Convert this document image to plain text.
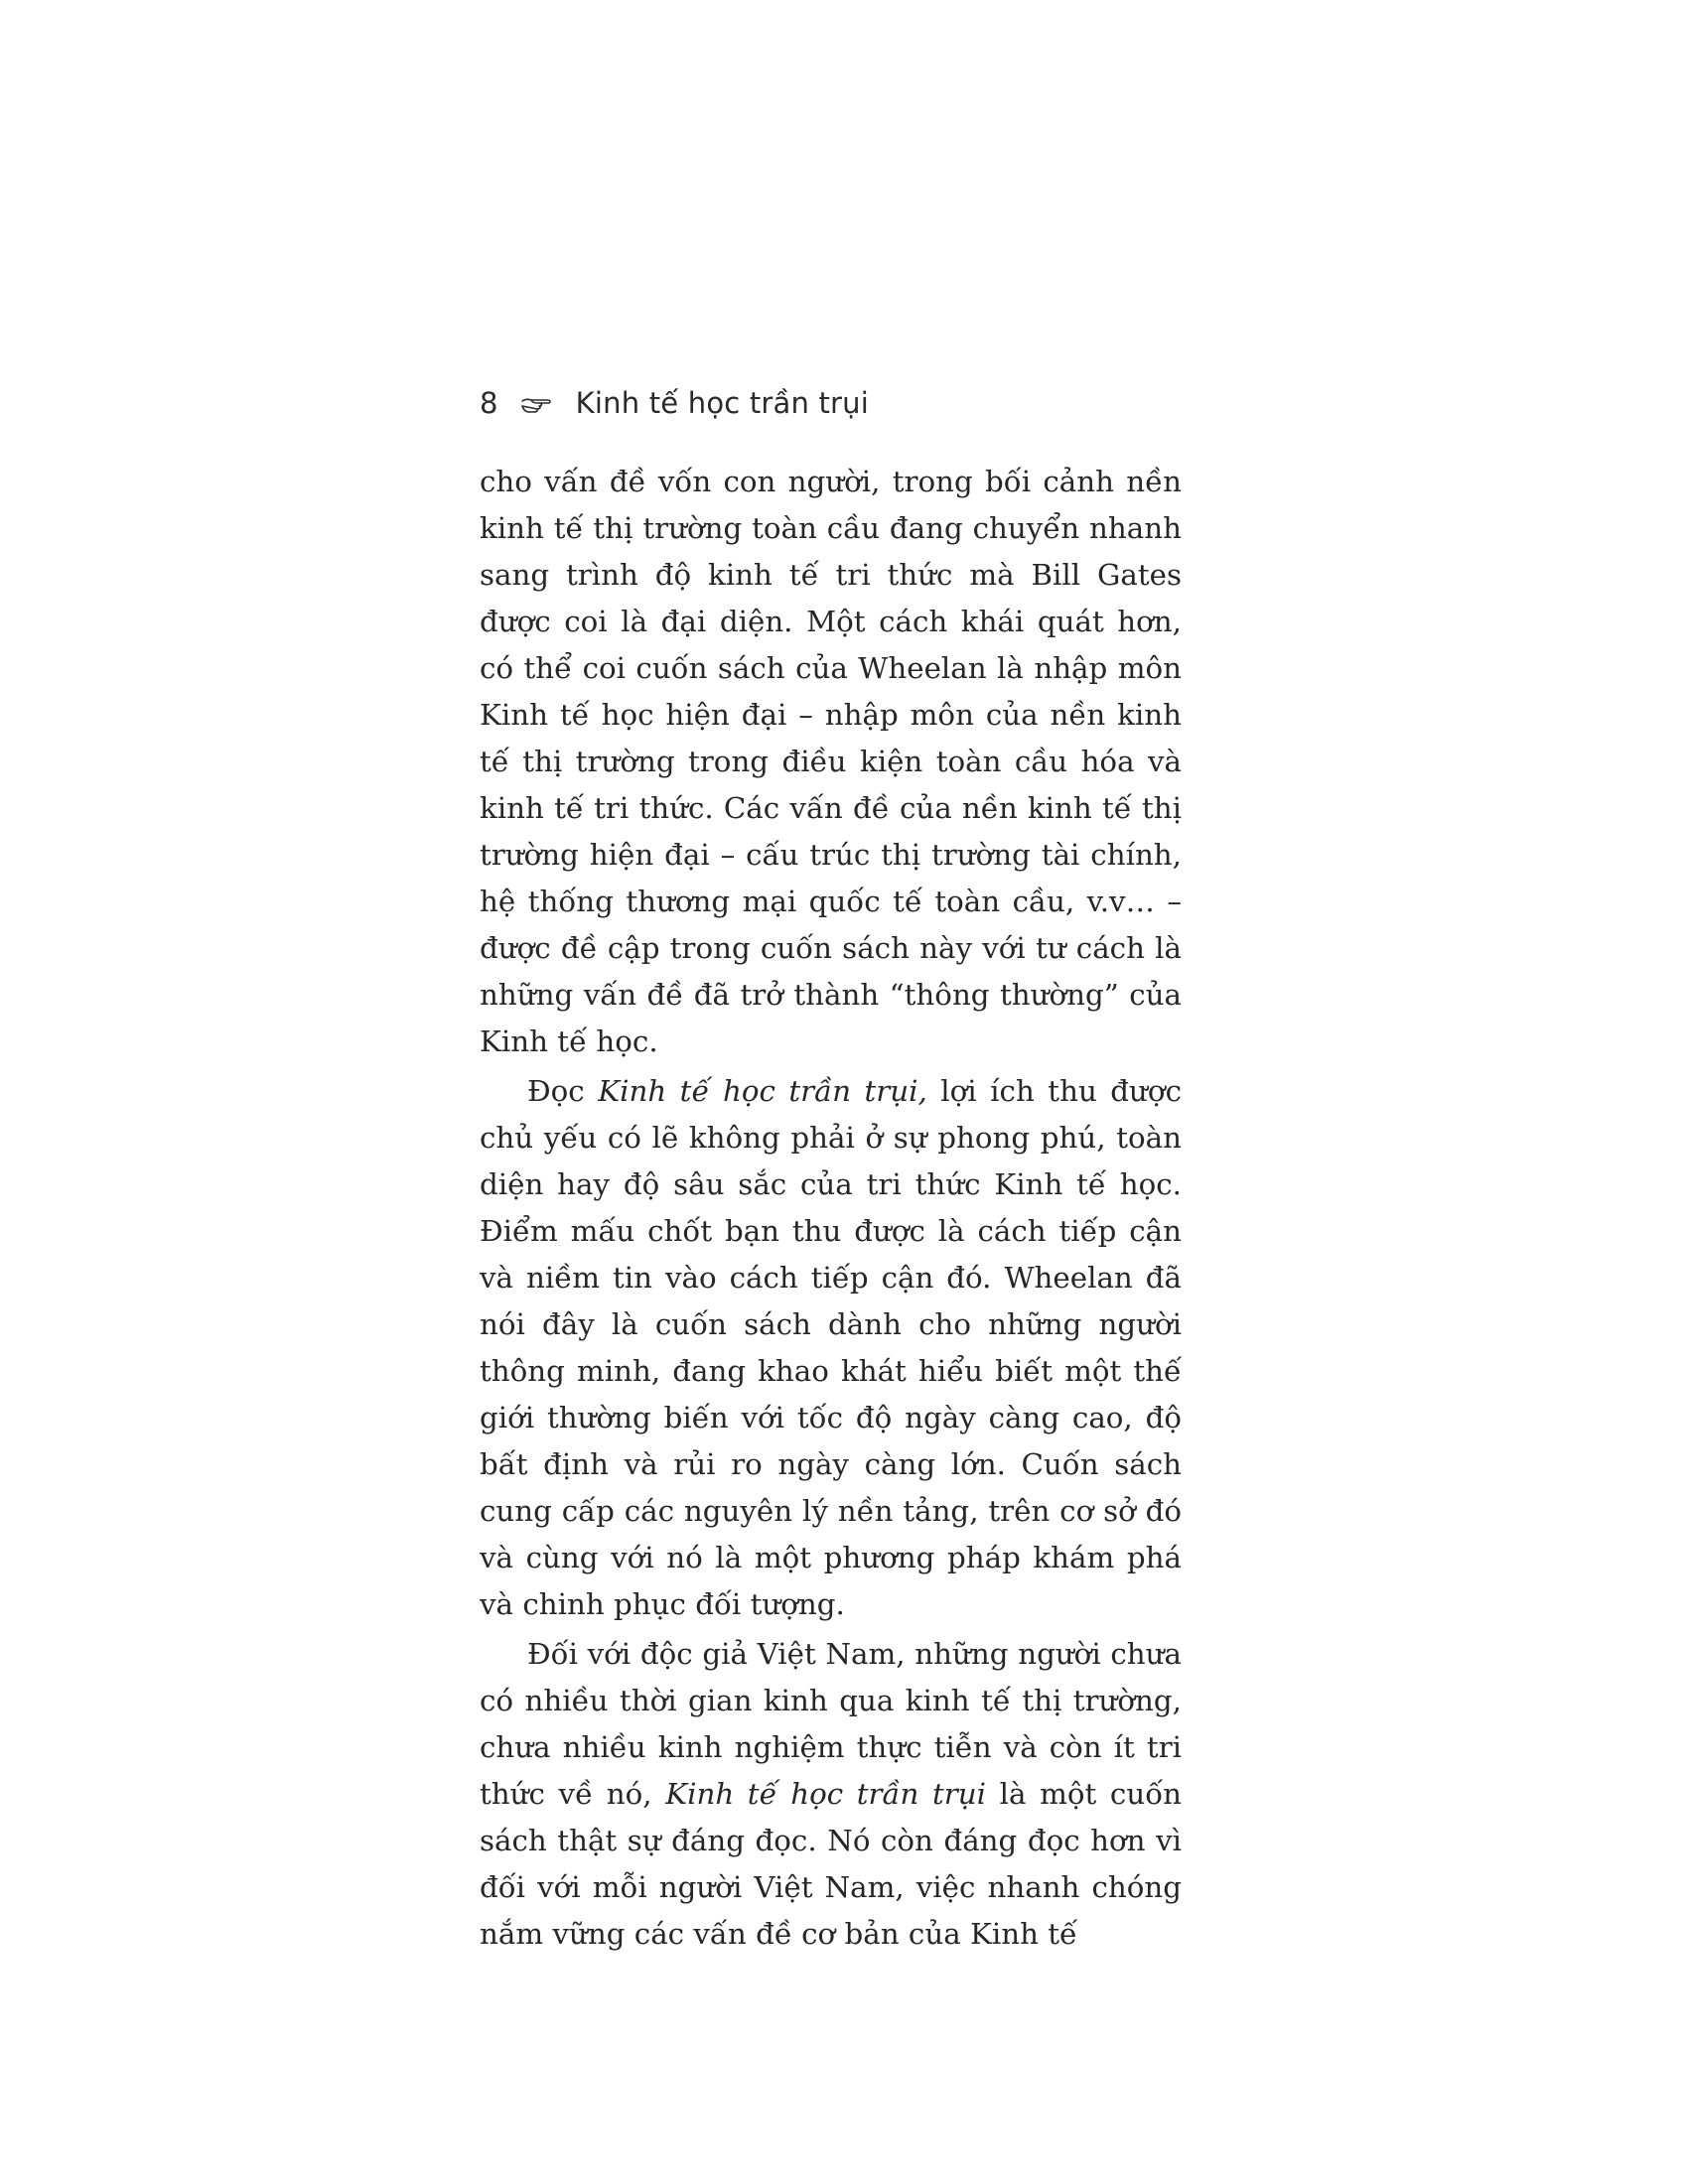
8	Kinh tế học trần trụi

cho vấn đề vốn con người, trong bối cảnh nền kinh tế thị trường toàn cầu đang chuyển nhanh sang trình độ kinh tế tri thức mà Bill Gates được coi là đại diện. Một cách khái quát hơn, có thể coi cuốn sách của Wheelan là nhập môn Kinh tế học hiện đại – nhập môn của nền kinh tế thị trường trong điều kiện toàn cầu hóa và kinh tế tri thức. Các vấn đề của nền kinh tế thị trường hiện đại – cấu trúc thị trường tài chính, hệ thống thương mại quốc tế toàn cầu, v.v… – được đề cập trong cuốn sách này với tư cách là những vấn đề đã trở thành “thông thường” của Kinh tế học.

Đọc Kinh tế học trần trụi, lợi ích thu được chủ yếu có lẽ không phải ở sự phong phú, toàn diện hay độ sâu sắc của tri thức Kinh tế học. Điểm mấu chốt bạn thu được là cách tiếp cận và niềm tin vào cách tiếp cận đó. Wheelan đã nói đây là cuốn sách dành cho những người thông minh, đang khao khát hiểu biết một thế giới thường biến với tốc độ ngày càng cao, độ bất định và rủi ro ngày càng lớn. Cuốn sách cung cấp các nguyên lý nền tảng, trên cơ sở đó và cùng với nó là một phương pháp khám phá và chinh phục đối tượng.

Đối với độc giả Việt Nam, những người chưa có nhiều thời gian kinh qua kinh tế thị trường, chưa nhiều kinh nghiệm thực tiễn và còn ít tri thức về nó, Kinh tế học trần trụi là một cuốn sách thật sự đáng đọc. Nó còn đáng đọc hơn vì đối với mỗi người Việt Nam, việc nhanh chóng nắm vững các vấn đề cơ bản của Kinh tế
